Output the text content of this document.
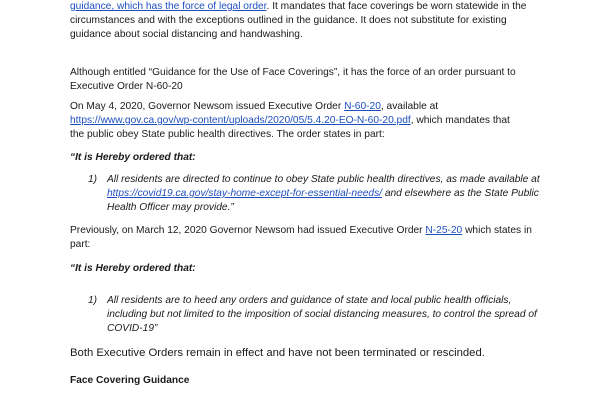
guidance, which has the force of legal order. It mandates that face coverings be worn statewide in the
circumstances and with the exceptions outlined in the guidance. It does not substitute for existing
guidance about social distancing and handwashing.

Although entitled “Guidance for the Use of Face Coverings”, it has the force of an order pursuant to Executive Order N-60-20

On May 4, 2020, Governor Newsom issued Executive Order N-60-20, available at
https://www.gov.ca.gov/wp-content/uploads/2020/05/5.4.20-EO-N-60-20.pdf, which mandates that
the public obey State public health directives. The order states in part:

“It is Hereby ordered that:

1) All residents are directed to continue to obey State public health directives, as made available at
https://covid19.ca.gov/stay-home-except-for-essential-needs/ and elsewhere as the State Public
Health Officer may provide.”

Previously, on March 12, 2020 Governor Newsom had issued Executive Order N-25-20 which states in
part:

“It is Hereby ordered that:

1) All residents are to heed any orders and guidance of state and local public health officials,
including but not limited to the imposition of social distancing measures, to control the spread of
COVID-19”

Both Executive Orders remain in effect and have not been terminated or rescinded.

Face Covering Guidance
